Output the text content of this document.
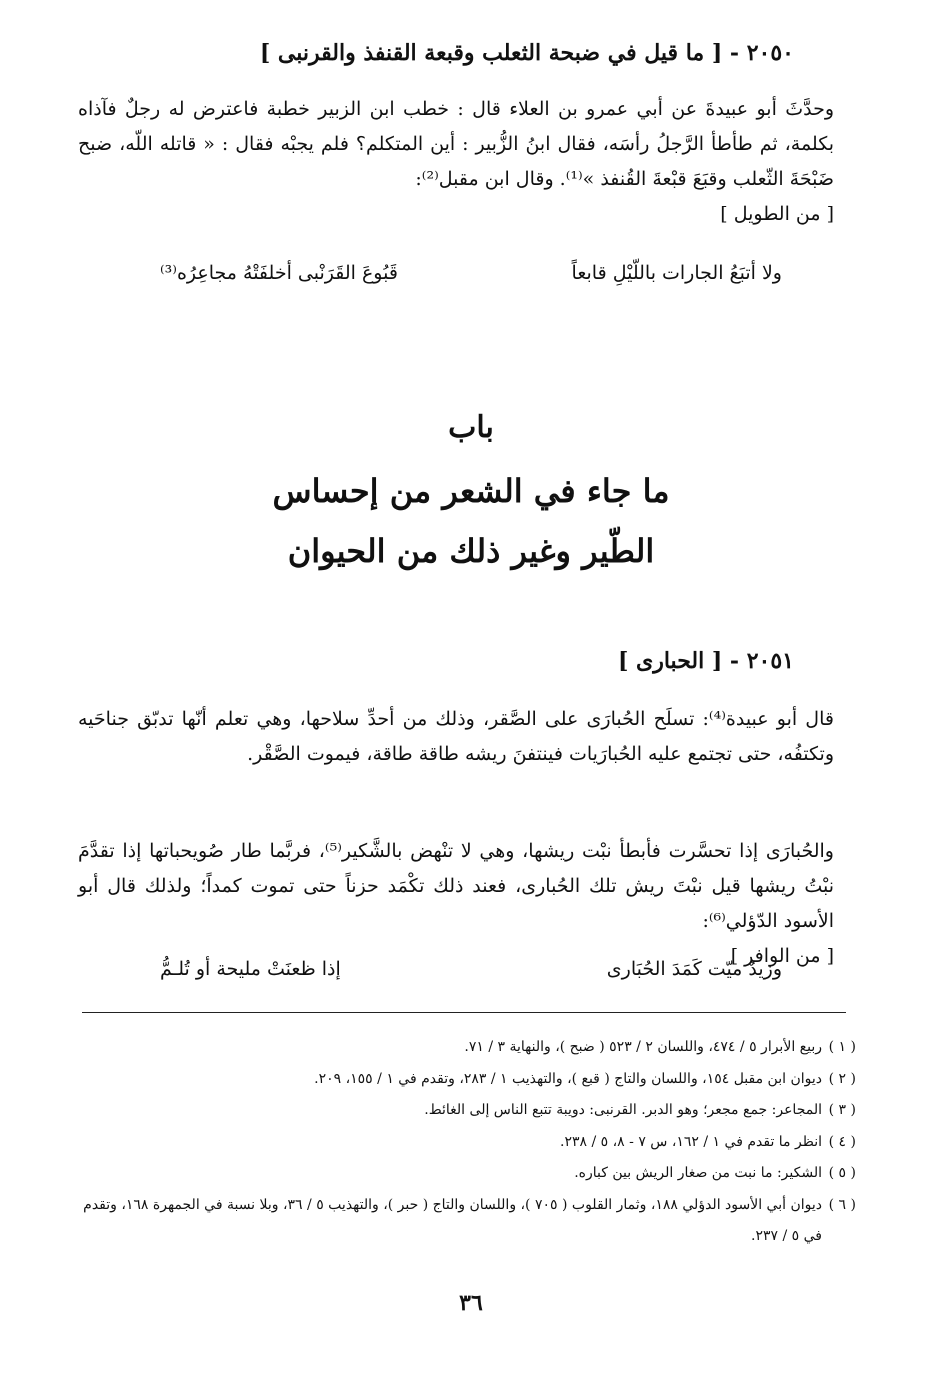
٢٠٥٠ - [ ما قيل في ضبحة الثعلب وقبعة القنفذ والقرنبى ]

وحدَّثَ أبو عبيدةَ عن أبي عمرو بن العلاء قال : خطب ابن الزبير خطبة فاعترض له رجلٌ فآذاه بكلمة، ثم طأطأ الرَّجلُ رأسَه، فقال ابنُ الزُّبير : أين المتكلم؟ فلم يجبْه فقال : « قاتله اللّه، ضبح ضَبْحَةَ الثّعلب وقبَعَ قبْعةَ القُنفذ »⁽¹⁾. وقال ابن مقبل⁽²⁾:

[ من الطويل ]
ولا أتبَعُ الجارات باللّيْلِ قابعاً
قَبُوعَ القَرَنْبى أخلفَتْهُ مجاعِرُه⁽³⁾
باب
ما جاء في الشعر من إحساس
الطّير وغير ذلك من الحيوان
٢٠٥١ - [ الحبارى ]

قال أبو عبيدة⁽⁴⁾: تسلَح الحُبارَى على الصَّقر، وذلك من أحدِّ سلاحها، وهي تعلم أنّها تدبّق جناحَيه وتكتفُه، حتى تجتمع عليه الحُبارَيات فينتفنَ ريشه طاقة طاقة، فيموت الصَّقْر.

والحُبارَى إذا تحسَّرت فأبطأ نبْت ريشها، وهي لا تنْهض بالشَّكير⁽⁵⁾، فربَّما طار صُويحباتها إذا تقدَّمَ نبْتُ ريشها قيل نبْتَ ريش تلك الحُبارى، فعند ذلك تكْمَد حزناً حتى تموت كمداً؛ ولذلك قال أبو الأسود الدّؤلي⁽⁶⁾:

[ من الوافر ]
وزيدٌ ميّت كَمَدَ الحُبَارى
إذا ظعنَتْ مليحة أو تُلـمُّ
( ١ )
ربيع الأبرار ٥ / ٤٧٤، واللسان ٢ / ٥٢٣ ( ضبح )، والنهاية ٣ / ٧١.
( ٢ )
ديوان ابن مقبل ١٥٤، واللسان والتاج ( قبع )، والتهذيب ١ / ٢٨٣، وتقدم في ١ / ١٥٥، ٢٠٩.
( ٣ )
المجاعر: جمع مجعر؛ وهو الدبر. القرنبى: دويبة تتبع الناس إلى الغائط.
( ٤ )
انظر ما تقدم في ١ / ١٦٢، س ٧ - ٨، ٥ / ٢٣٨.
( ٥ )
الشكير: ما نبت من صغار الريش بين كباره.
( ٦ )
ديوان أبي الأسود الدؤلي ١٨٨، وثمار القلوب ( ٧٠٥ )، واللسان والتاج ( حبر )، والتهذيب ٥ / ٣٦، وبلا نسبة في الجمهرة ١٦٨، وتقدم في ٥ / ٢٣٧.
٣٦
